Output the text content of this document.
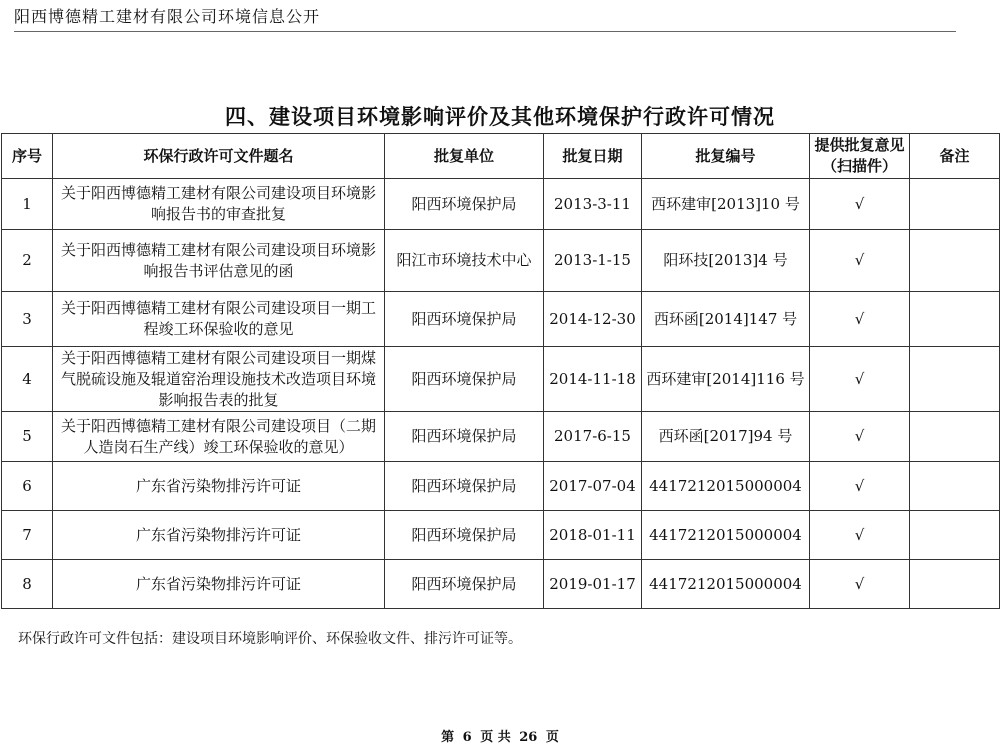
阳西博德精工建材有限公司环境信息公开
四、建设项目环境影响评价及其他环境保护行政许可情况
序号	环保行政许可文件题名	批复单位	批复日期	批复编号	提供批复意见（扫描件）	备注
1	关于阳西博德精工建材有限公司建设项目环境影响报告书的审查批复	阳西环境保护局	2013-3-11	西环建审[2013]10 号	√	
2	关于阳西博德精工建材有限公司建设项目环境影响报告书评估意见的函	阳江市环境技术中心	2013-1-15	阳环技[2013]4 号	√	
3	关于阳西博德精工建材有限公司建设项目一期工程竣工环保验收的意见	阳西环境保护局	2014-12-30	西环函[2014]147 号	√	
4	关于阳西博德精工建材有限公司建设项目一期煤气脱硫设施及辊道窑治理设施技术改造项目环境影响报告表的批复	阳西环境保护局	2014-11-18	西环建审[2014]116 号	√	
5	关于阳西博德精工建材有限公司建设项目（二期人造岗石生产线）竣工环保验收的意见）	阳西环境保护局	2017-6-15	西环函[2017]94 号	√	
6	广东省污染物排污许可证	阳西环境保护局	2017-07-04	4417212015000004	√	
7	广东省污染物排污许可证	阳西环境保护局	2018-01-11	4417212015000004	√	
8	广东省污染物排污许可证	阳西环境保护局	2019-01-17	4417212015000004	√	
环保行政许可文件包括：建设项目环境影响评价、环保验收文件、排污许可证等。
第 6 页 共 26 页
